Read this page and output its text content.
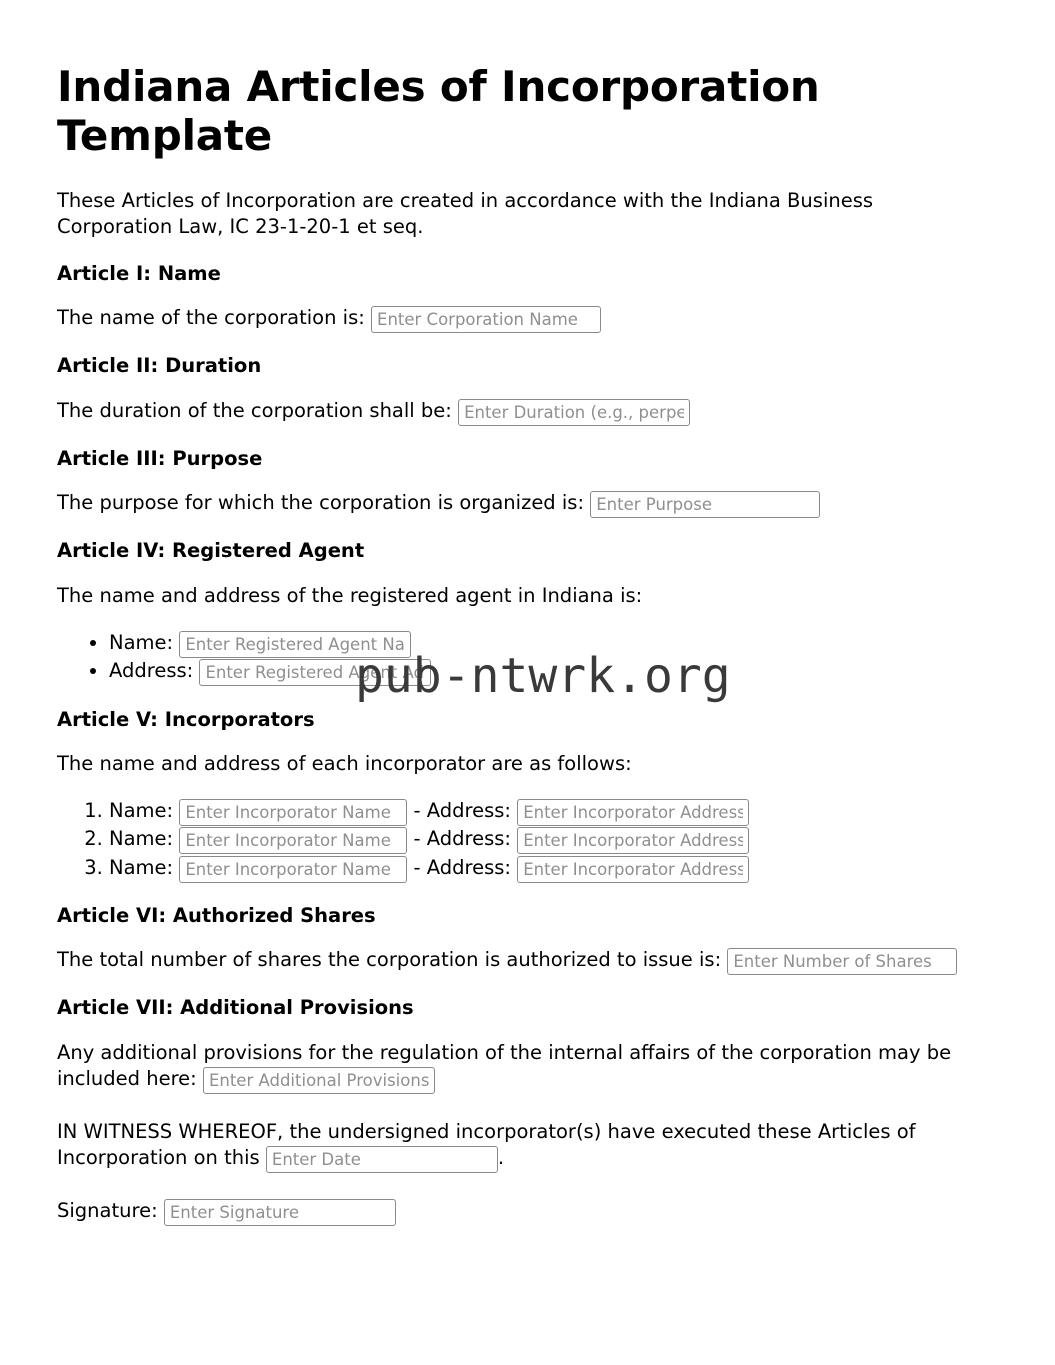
Indiana Articles of Incorporation Template

These Articles of Incorporation are created in accordance with the Indiana Business Corporation Law, IC 23-1-20-1 et seq.

Article I: Name
The name of the corporation is: Enter Corporation Name
Article II: Duration
The duration of the corporation shall be: Enter Duration (e.g., perpetual)
Article III: Purpose
The purpose for which the corporation is organized is: Enter Purpose
Article IV: Registered Agent
The name and address of the registered agent in Indiana is:
• Name: Enter Registered Agent Name
• Address: Enter Registered Agent Address
Article V: Incorporators
The name and address of each incorporator are as follows:
1. Name: Enter Incorporator Name	- Address: Enter Incorporator Address
2. Name: Enter Incorporator Name	- Address: Enter Incorporator Address
3. Name: Enter Incorporator Name	- Address: Enter Incorporator Address
Article VI: Authorized Shares
The total number of shares the corporation is authorized to issue is: Enter Number of Shares
Article VII: Additional Provisions
Any additional provisions for the regulation of the internal affairs of the corporation may be included here: Enter Additional Provisions
IN WITNESS WHEREOF, the undersigned incorporator(s) have executed these Articles of Incorporation on this Enter Date	.
Signature: Enter Signature
pub-ntwrk.org
